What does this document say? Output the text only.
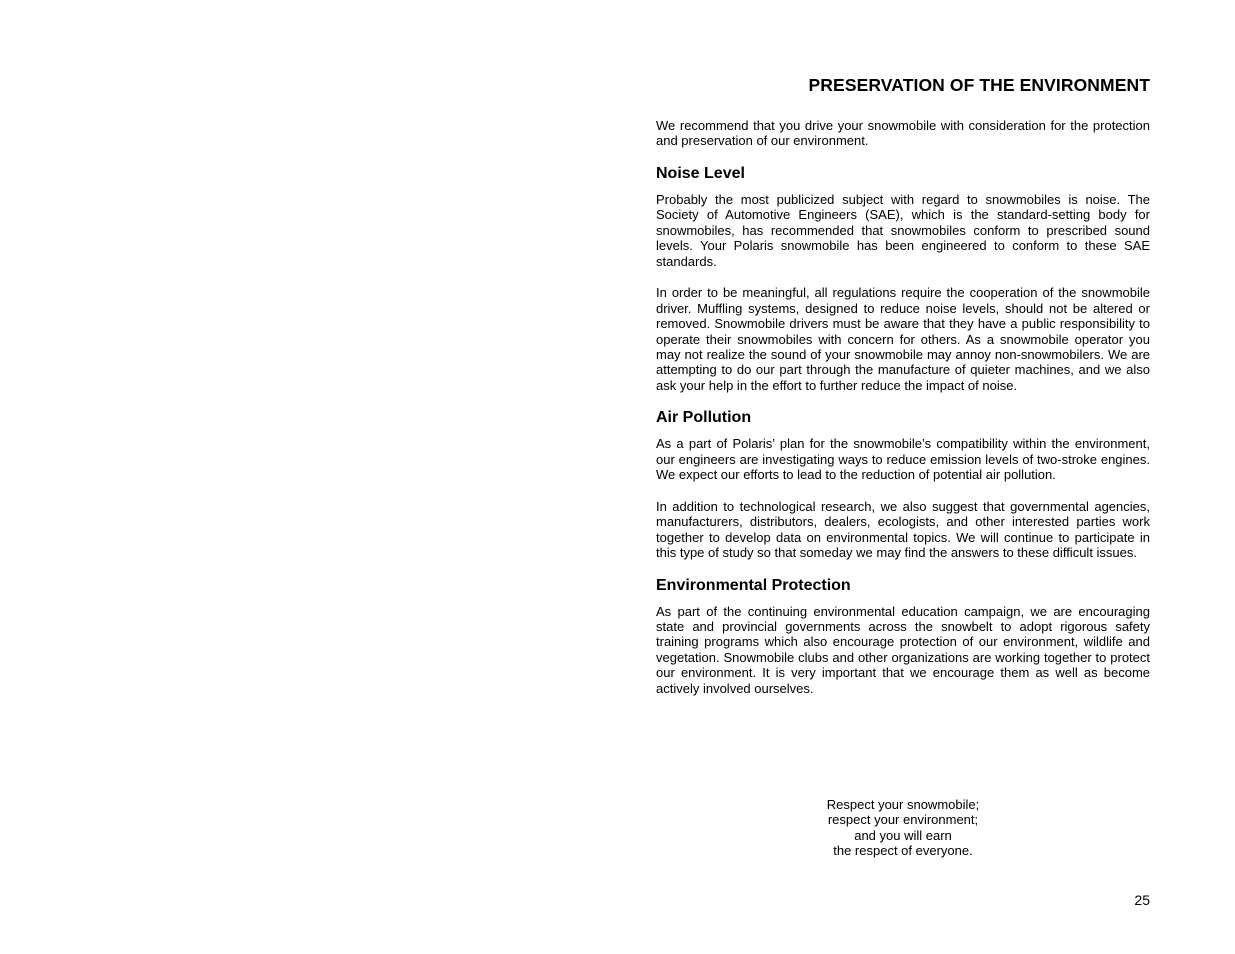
PRESERVATION OF THE ENVIRONMENT

We recommend that you drive your snowmobile with consideration for the protection and preservation of our environment.

Noise Level

Probably the most publicized subject with regard to snowmobiles is noise. The Society of Automotive Engineers (SAE), which is the standard-setting body for snowmobiles, has recommended that snowmobiles conform to prescribed sound levels. Your Polaris snowmobile has been engineered to conform to these SAE standards.

In order to be meaningful, all regulations require the cooperation of the snowmobile driver. Muffling systems, designed to reduce noise levels, should not be altered or removed. Snowmobile drivers must be aware that they have a public responsibility to operate their snowmobiles with concern for others. As a snowmobile operator you may not realize the sound of your snowmobile may annoy non-snowmobilers. We are attempting to do our part through the manufacture of quieter machines, and we also ask your help in the effort to further reduce the impact of noise.

Air Pollution

As a part of Polaris’ plan for the snowmobile’s compatibility within the environment, our engineers are investigating ways to reduce emission levels of two-stroke engines. We expect our efforts to lead to the reduction of potential air pollution.

In addition to technological research, we also suggest that governmental agencies, manufacturers, distributors, dealers, ecologists, and other interested parties work together to develop data on environmental topics. We will continue to participate in this type of study so that someday we may find the answers to these difficult issues.

Environmental Protection

As part of the continuing environmental education campaign, we are encouraging state and provincial governments across the snowbelt to adopt rigorous safety training programs which also encourage protection of our environment, wildlife and vegetation. Snowmobile clubs and other organizations are working together to protect our environment. It is very important that we encourage them as well as become actively involved ourselves.

Respect your snowmobile;
respect your environment;
and you will earn
the respect of everyone.
25
